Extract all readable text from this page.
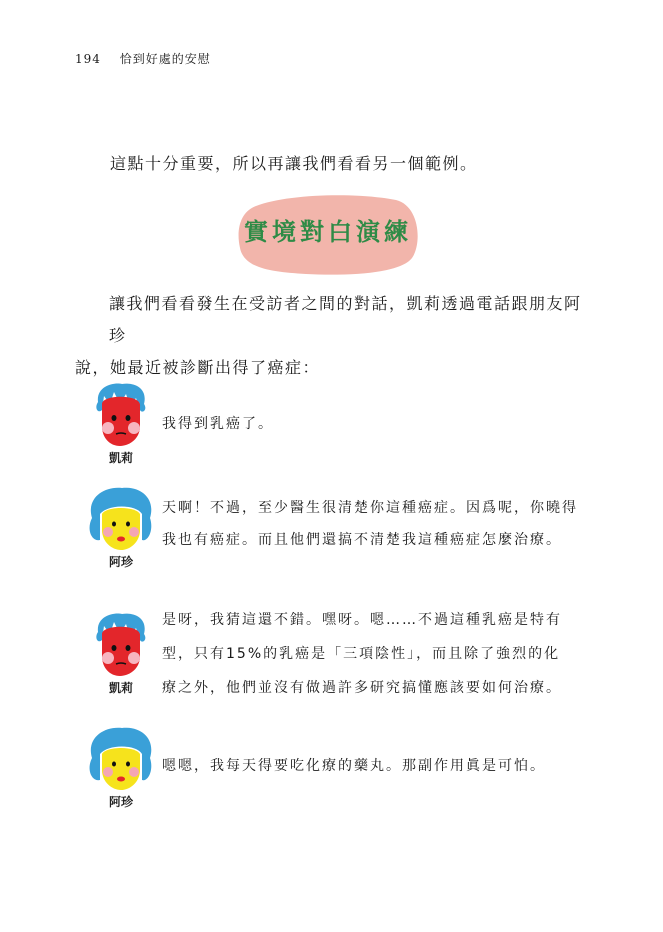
194 恰到好處的安慰
這點十分重要，所以再讓我們看看另一個範例。
實境對白演練
讓我們看看發生在受訪者之間的對話，凱莉透過電話跟朋友阿珍
說，她最近被診斷出得了癌症：
凱莉
我得到乳癌了。
阿珍
天啊！不過，至少醫生很清楚你這種癌症。因爲呢，你曉得
我也有癌症。而且他們還搞不清楚我這種癌症怎麼治療。
凱莉
是呀，我猜這還不錯。嘿呀。嗯……不過這種乳癌是特有
型，只有15%的乳癌是「三項陰性」，而且除了強烈的化
療之外，他們並沒有做過許多研究搞懂應該要如何治療。
阿珍
嗯嗯，我每天得要吃化療的藥丸。那副作用眞是可怕。
